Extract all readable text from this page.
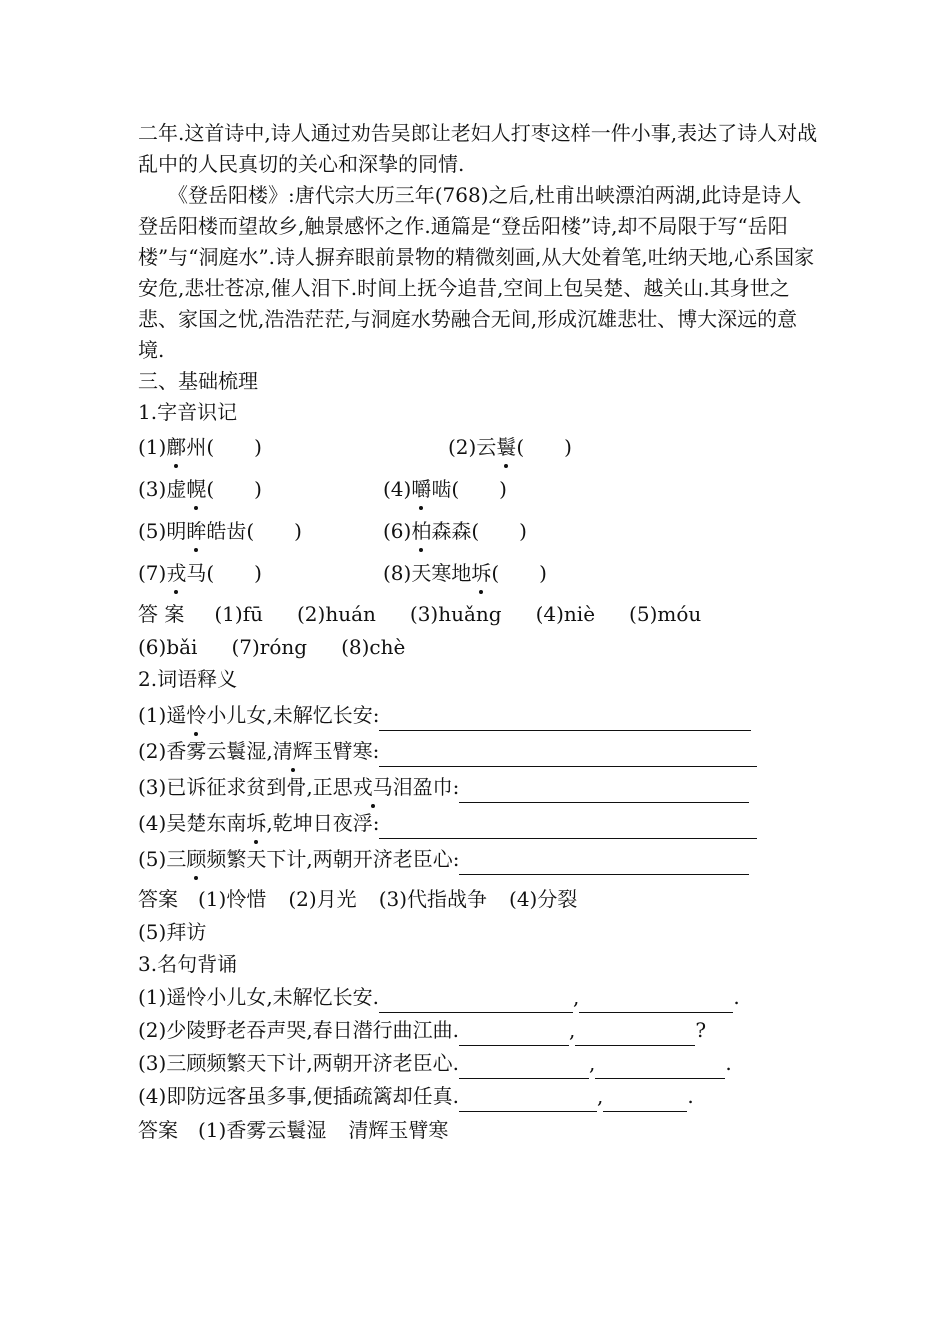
二年.这首诗中,诗人通过劝告吴郎让老妇人打枣这样一件小事,表达了诗人对战乱中的人民真切的关心和深挚的同情.

《登岳阳楼》:唐代宗大历三年(768)之后,杜甫出峡漂泊两湖,此诗是诗人登岳阳楼而望故乡,触景感怀之作.通篇是“登岳阳楼”诗,却不局限于写“岳阳楼”与“洞庭水”.诗人摒弃眼前景物的精微刻画,从大处着笔,吐纳天地,心系国家安危,悲壮苍凉,催人泪下.时间上抚今追昔,空间上包吴楚、越关山.其身世之悲、家国之忧,浩浩茫茫,与洞庭水势融合无间,形成沉雄悲壮、博大深远的意境.

三、基础梳理
1.字音识记
(1)鄜州(　　)	(2)云鬟(　　)
(3)虚幌(　　)	(4)嚼啮(　　)
(5)明眸皓齿(　　)	(6)柏森森(　　)
(7)戎马(　　)	(8)天寒地坼(　　)
答 案 (1)fū (2)huán (3)huǎng (4)niè (5)móu
(6)bǎi (7)róng (8)chè
2.词语释义
(1)遥怜小儿女,未解忆长安:
(2)香雾云鬟湿,清辉玉臂寒:
(3)已诉征求贫到骨,正思戎马泪盈巾:
(4)吴楚东南坼,乾坤日夜浮:
(5)三顾频繁天下计,两朝开济老臣心:
答案 (1)怜惜 (2)月光 (3)代指战争 (4)分裂
(5)拜访
3.名句背诵
(1)遥怜小儿女,未解忆长安.	,	.
(2)少陵野老吞声哭,春日潜行曲江曲.	,	?
(3)三顾频繁天下计,两朝开济老臣心.	,	.
(4)即防远客虽多事,便插疏篱却任真.	,	.
答案 (1)香雾云鬟湿 清辉玉臂寒
